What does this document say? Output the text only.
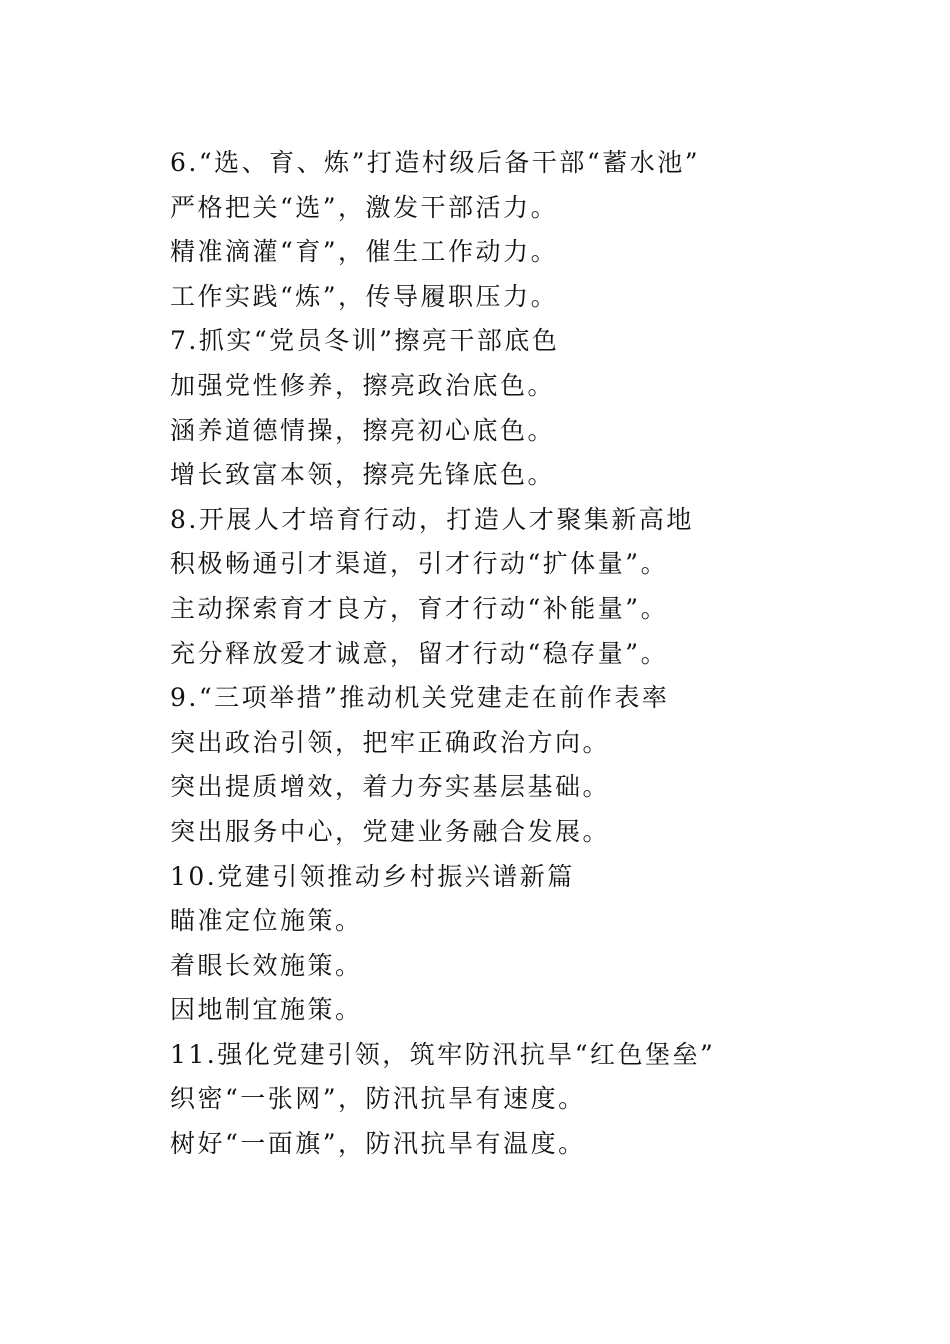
6.“选、育、炼”打造村级后备干部“蓄水池”
严格把关“选”，激发干部活力。
精准滴灌“育”，催生工作动力。
工作实践“炼”，传导履职压力。
7.抓实“党员冬训”擦亮干部底色
加强党性修养，擦亮政治底色。
涵养道德情操，擦亮初心底色。
增长致富本领，擦亮先锋底色。
8.开展人才培育行动，打造人才聚集新高地
积极畅通引才渠道，引才行动“扩体量”。
主动探索育才良方，育才行动“补能量”。
充分释放爱才诚意，留才行动“稳存量”。
9.“三项举措”推动机关党建走在前作表率
突出政治引领，把牢正确政治方向。
突出提质增效，着力夯实基层基础。
突出服务中心，党建业务融合发展。
10.党建引领推动乡村振兴谱新篇
瞄准定位施策。
着眼长效施策。
因地制宜施策。
11.强化党建引领，筑牢防汛抗旱“红色堡垒”
织密“一张网”，防汛抗旱有速度。
树好“一面旗”，防汛抗旱有温度。
